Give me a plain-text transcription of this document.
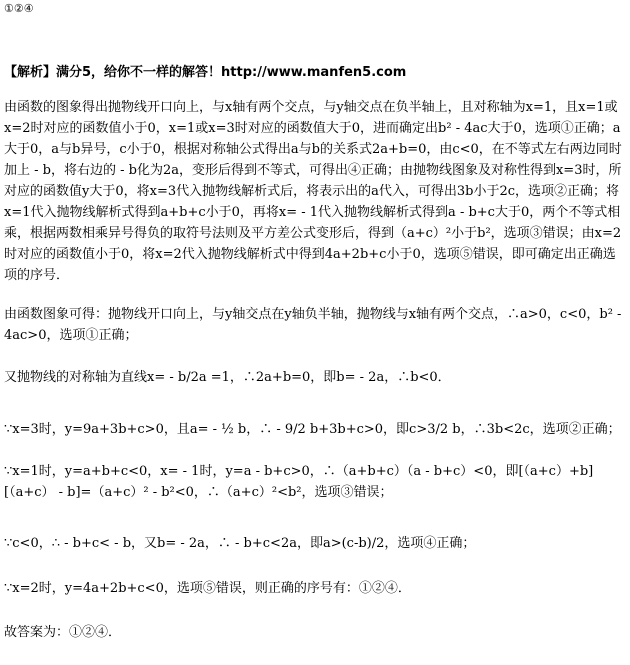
①②④
【解析】满分5，给你不一样的解答！http://www.manfen5.com
由函数的图象得出抛物线开口向上，与x轴有两个交点，与y轴交点在负半轴上，且对称轴为x=1，且x=1或x=2时对应的函数值小于0，x=1或x=3时对应的函数值大于0，进而确定出b² - 4ac大于0，选项①正确；a大于0，a与b异号，c小于0，根据对称轴公式得出a与b的关系式2a+b=0，由c<0，在不等式左右两边同时加上 - b，将右边的 - b化为2a，变形后得到不等式，可得出④正确；由抛物线图象及对称性得到x=3时，所对应的函数值y大于0，将x=3代入抛物线解析式后，将表示出的a代入，可得出3b小于2c，选项②正确；将x=1代入抛物线解析式得到a+b+c小于0，再将x= - 1代入抛物线解析式得到a - b+c大于0，两个不等式相乘，根据两数相乘异号得负的取符号法则及平方差公式变形后，得到（a+c）²小于b²，选项③错误；由x=2时对应的函数值小于0，将x=2代入抛物线解析式中得到4a+2b+c小于0，选项⑤错误，即可确定出正确选项的序号．
由函数图象可得：抛物线开口向上，与y轴交点在y轴负半轴，抛物线与x轴有两个交点，∴a>0，c<0，b² - 4ac>0，选项①正确；
又抛物线的对称轴为直线x= - b/2a =1，∴2a+b=0，即b= - 2a，∴b<0．
∵x=3时，y=9a+3b+c>0，且a= - ½ b，∴ - 9/2 b+3b+c>0，即c>3/2 b，∴3b<2c，选项②正确；
∵x=1时，y=a+b+c<0，x= - 1时，y=a - b+c>0，∴（a+b+c）（a - b+c）<0，即[（a+c）+b][（a+c） - b]=（a+c）² - b²<0，∴（a+c）²<b²，选项③错误；
∵c<0，∴ - b+c< - b，又b= - 2a，∴ - b+c<2a，即a>(c-b)/2，选项④正确；
∵x=2时，y=4a+2b+c<0，选项⑤错误，则正确的序号有：①②④．
故答案为：①②④．
